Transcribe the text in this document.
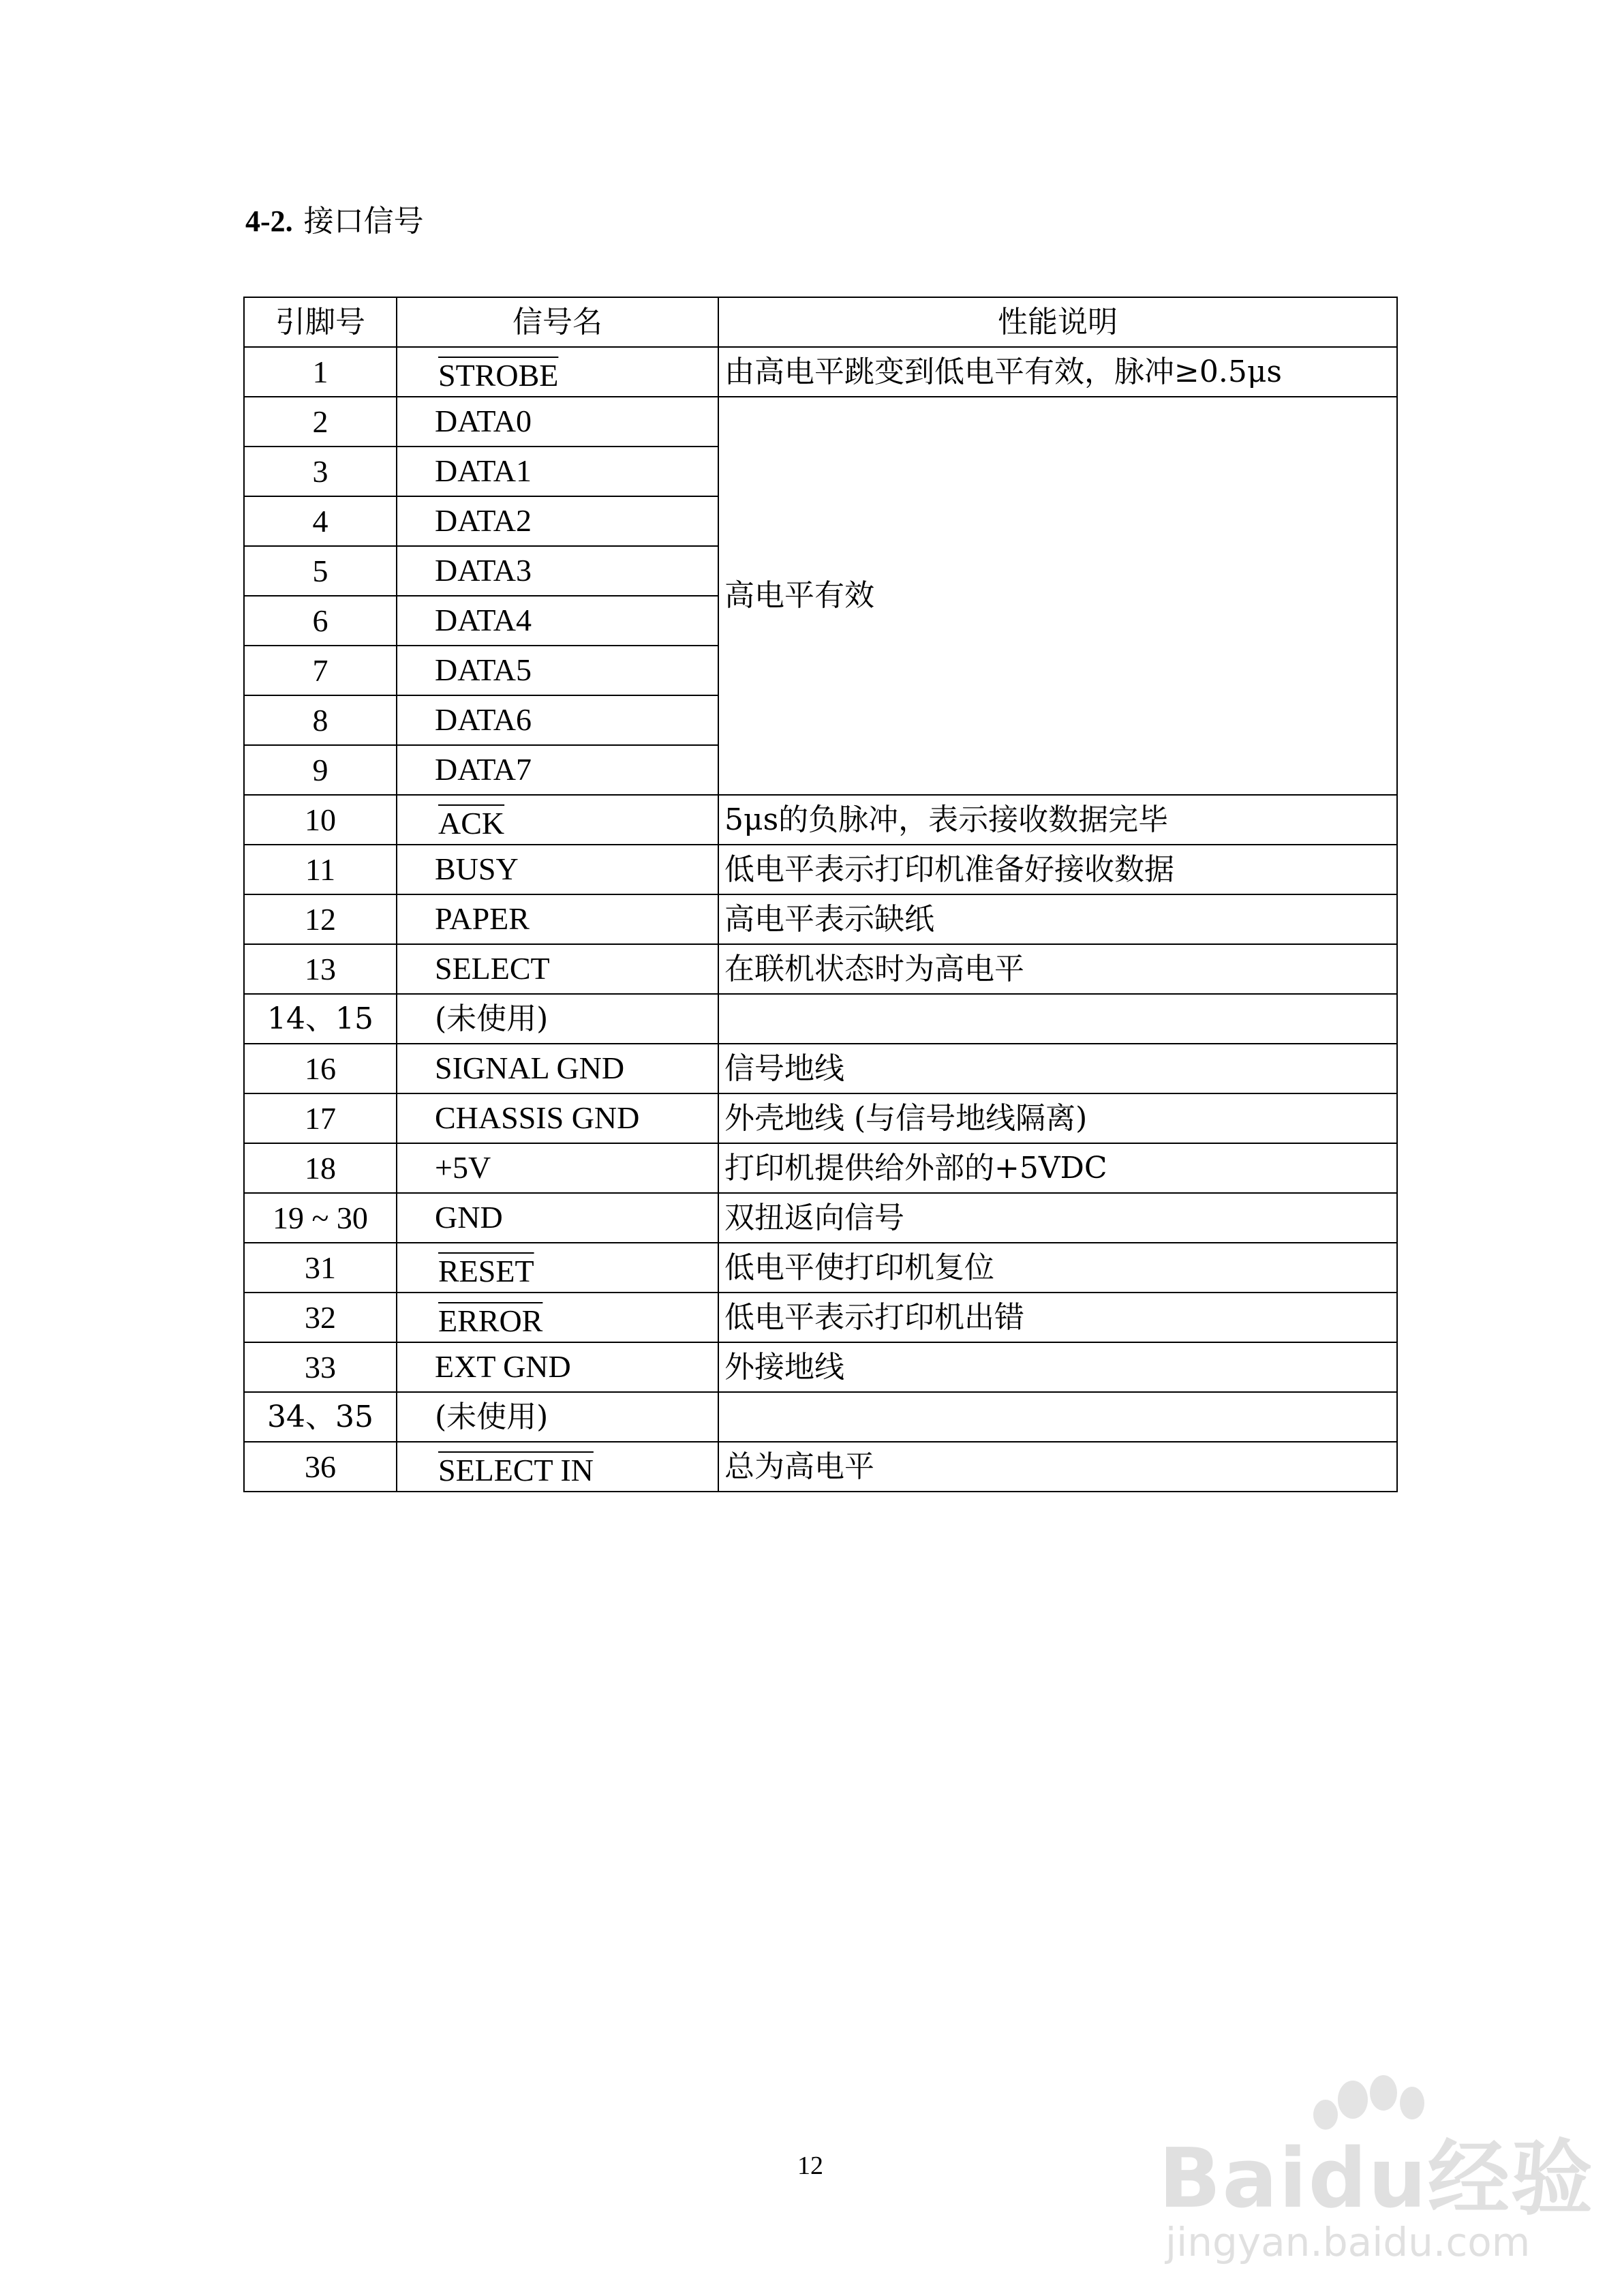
4-2. 接口信号
引脚号	信号名	性能说明
1	STROBE	由高电平跳变到低电平有效，脉冲≥0.5μs
2	DATA0	高电平有效
3	DATA1	
4	DATA2	
5	DATA3	
6	DATA4	
7	DATA5	
8	DATA6	
9	DATA7	
10	$\overline{ACK}$	5μs的负脉冲，表示接收数据完毕
11	BUSY	低电平表示打印机准备好接收数据
12	PAPER	高电平表示缺纸
13	SELECT	在联机状态时为高电平
14、15	(未使用)	
16	SIGNAL GND	信号地线
17	CHASSIS GND	外壳地线 (与信号地线隔离)
18	+5V	打印机提供给外部的+5VDC
19 ~ 30	GND	双扭返向信号
31	RESET	低电平使打印机复位
32	ERROR	低电平表示打印机出错
33	EXT GND	外接地线
34、35	(未使用)	
36	SELECT IN	总为高电平
12	Baidu经验
jingyan.baidu.com
